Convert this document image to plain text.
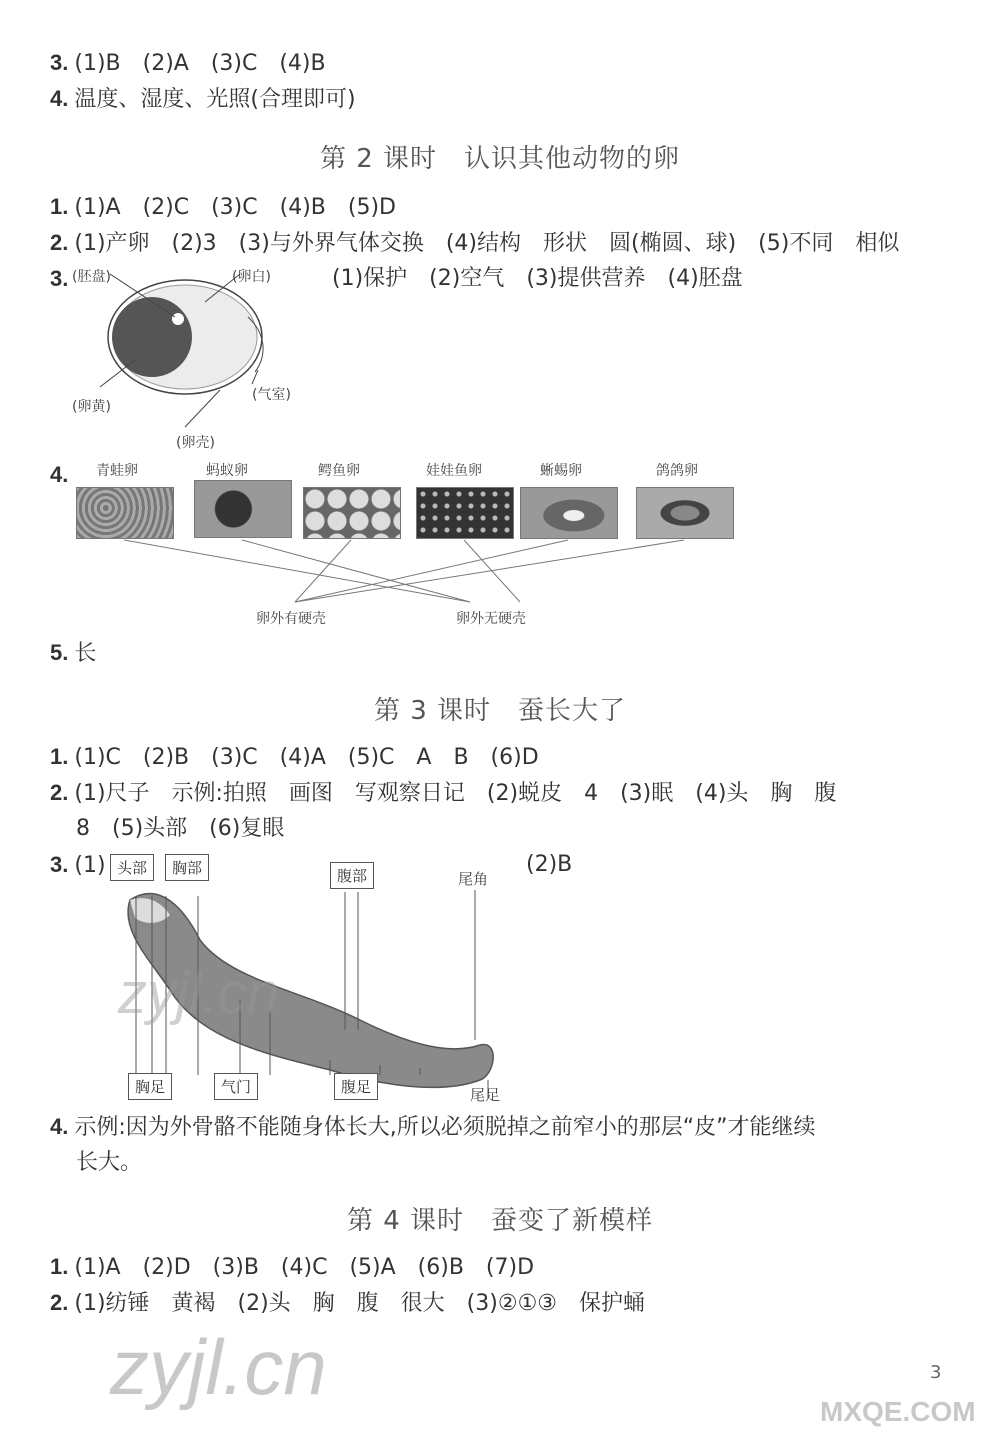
3. (1)B　(2)A　(3)C　(4)B
4. 温度、湿度、光照(合理即可)
第 2 课时　认识其他动物的卵
1. (1)A　(2)C　(3)C　(4)B　(5)D
2. (1)产卵　(2)3　(3)与外界气体交换　(4)结构　形状　圆(椭圆、球)　(5)不同　相似
3.	(1)保护　(2)空气　(3)提供营养　(4)胚盘
(胚盘)	(卵白)
(卵黄)
(气室)
(卵壳)
4.	青蛙卵	蚂蚁卵	鳄鱼卵	娃娃鱼卵	蜥蜴卵	鸽鸽卵
卵外有硬壳	卵外无硬壳
5. 长
第 3 课时　蚕长大了
1. (1)C　(2)B　(3)C　(4)A　(5)C　A　B　(6)D
2. (1)尺子　示例:拍照　画图　写观察日记　(2)蜕皮　4　(3)眠　(4)头　胸　腹
8　(5)头部　(6)复眼
3. (1)	(2)B
头部	胸部	腹部	尾角
胸足	气门	腹足	尾足
4. 示例:因为外骨骼不能随身体长大,所以必须脱掉之前窄小的那层“皮”才能继续
长大。
第 4 课时　蚕变了新模样
1. (1)A　(2)D　(3)B　(4)C　(5)A　(6)B　(7)D
2. (1)纺锤　黄褐　(2)头　胸　腹　很大　(3)②①③　保护蛹
zyjl.cn
zyjl.cn
MXQE.COM
3
